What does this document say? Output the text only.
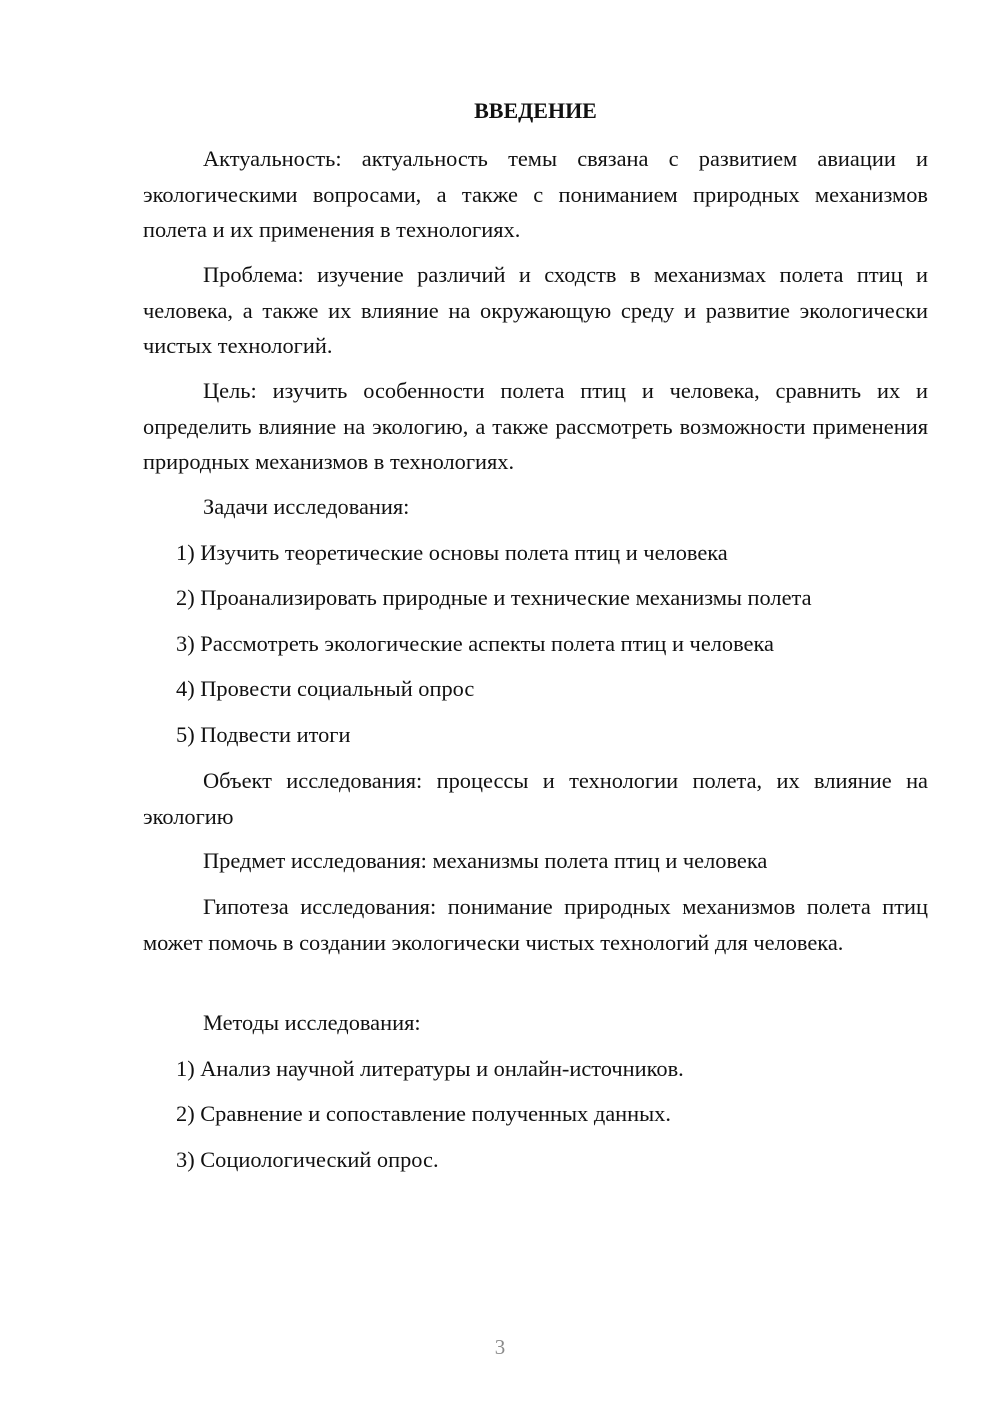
ВВЕДЕНИЕ

Актуальность: актуальность темы связана с развитием авиации и экологическими вопросами, а также с пониманием природных механизмов полета и их применения в технологиях.

Проблема: изучение различий и сходств в механизмах полета птиц и человека, а также их влияние на окружающую среду и развитие экологически чистых технологий.

Цель: изучить особенности полета птиц и человека, сравнить их и определить влияние на экологию, а также рассмотреть возможности применения природных механизмов в технологиях.

Задачи исследования:

1) Изучить теоретические основы полета птиц и человека

2) Проанализировать природные и технические механизмы полета

3) Рассмотреть экологические аспекты полета птиц и человека

4) Провести социальный опрос

5) Подвести итоги

Объект исследования: процессы и технологии полета, их влияние на экологию

Предмет исследования: механизмы полета птиц и человека

Гипотеза исследования: понимание природных механизмов полета птиц может помочь в создании экологически чистых технологий для человека.

Методы исследования:

1) Анализ научной литературы и онлайн-источников.

2) Сравнение и сопоставление полученных данных.

3) Социологический опрос.

3
